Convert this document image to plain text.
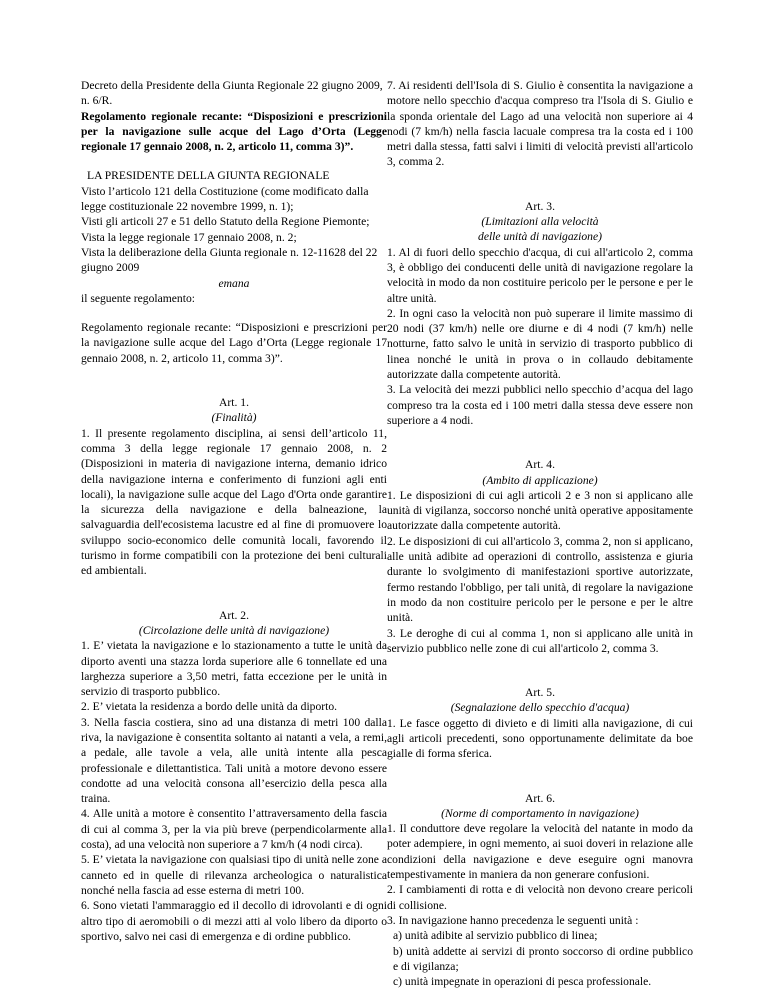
Decreto della Presidente della Giunta Regionale 22 giugno 2009, n. 6/R.

Regolamento regionale recante: “Disposizioni e prescrizioni per la navigazione sulle acque del Lago d’Orta (Legge regionale 17 gennaio 2008, n. 2, articolo 11, comma 3)”.

LA PRESIDENTE DELLA GIUNTA REGIONALE

Visto l’articolo 121 della Costituzione (come modificato dalla legge costituzionale 22 novembre 1999, n. 1);

Visti gli articoli 27 e 51 dello Statuto della Regione Piemonte;

Vista la legge regionale 17 gennaio 2008, n. 2;

Vista la deliberazione della Giunta regionale n. 12-11628 del 22 giugno 2009

emana

il seguente regolamento:

Regolamento regionale recante: “Disposizioni e prescrizioni per la navigazione sulle acque del Lago d’Orta (Legge regionale 17 gennaio 2008, n. 2, articolo 11, comma 3)”.

Art. 1.

(Finalità)

1. Il presente regolamento disciplina, ai sensi dell’articolo 11, comma 3 della legge regionale 17 gennaio 2008, n. 2 (Disposizioni in materia di navigazione interna, demanio idrico della navigazione interna e conferimento di funzioni agli enti locali), la navigazione sulle acque del Lago d'Orta onde garantire la sicurezza della navigazione e della balneazione, la salvaguardia dell'ecosistema lacustre ed al fine di promuovere lo sviluppo socio-economico delle comunità locali, favorendo il turismo in forme compatibili con la protezione dei beni culturali ed ambientali.

Art. 2.

(Circolazione delle unità di navigazione)

1. E’ vietata la navigazione e lo stazionamento a tutte le unità da diporto aventi una stazza lorda superiore alle 6 tonnellate ed una larghezza superiore a 3,50 metri, fatta eccezione per le unità in servizio di trasporto pubblico.

2. E’ vietata la residenza a bordo delle unità da diporto.

3. Nella fascia costiera, sino ad una distanza di metri 100 dalla riva, la navigazione è consentita soltanto ai natanti a vela, a remi, a pedale, alle tavole a vela, alle unità intente alla pesca professionale e dilettantistica. Tali unità a motore devono essere condotte ad una velocità consona all’esercizio della pesca alla traina.

4. Alle unità a motore è consentito l’attraversamento della fascia di cui al comma 3, per la via più breve (perpendicolarmente alla costa), ad una velocità non superiore a 7 km/h (4 nodi circa).

5. E’ vietata la navigazione con qualsiasi tipo di unità nelle zone a canneto ed in quelle di rilevanza archeologica o naturalistica nonché nella fascia ad esse esterna di metri 100.

6. Sono vietati l'ammaraggio ed il decollo di idrovolanti e di ogni altro tipo di aeromobili o di mezzi atti al volo libero da diporto o sportivo, salvo nei casi di emergenza e di ordine pubblico.

7. Ai residenti dell'Isola di S. Giulio è consentita la navigazione a motore nello specchio d'acqua compreso tra l'Isola di S. Giulio e la sponda orientale del Lago ad una velocità non superiore ai 4 nodi (7 km/h) nella fascia lacuale compresa tra la costa ed i 100 metri dalla stessa, fatti salvi i limiti di velocità previsti all'articolo 3, comma 2.

Art. 3.

(Limitazioni alla velocità

delle unità di navigazione)

1. Al di fuori dello specchio d'acqua, di cui all'articolo 2, comma 3, è obbligo dei conducenti delle unità di navigazione regolare la velocità in modo da non costituire pericolo per le persone e per le altre unità.

2. In ogni caso la velocità non può superare il limite massimo di 20 nodi (37 km/h) nelle ore diurne e di 4 nodi (7 km/h) nelle notturne, fatto salvo le unità in servizio di trasporto pubblico di linea nonché le unità in prova o in collaudo debitamente autorizzate dalla competente autorità.

3. La velocità dei mezzi pubblici nello specchio d’acqua del lago compreso tra la costa ed i 100 metri dalla stessa deve essere non superiore a 4 nodi.

Art. 4.

(Ambito di applicazione)

1. Le disposizioni di cui agli articoli 2 e 3 non si applicano alle unità di vigilanza, soccorso nonché unità operative appositamente autorizzate dalla competente autorità.

2. Le disposizioni di cui all'articolo 3, comma 2, non si applicano, alle unità adibite ad operazioni di controllo, assistenza e giuria durante lo svolgimento di manifestazioni sportive autorizzate, fermo restando l'obbligo, per tali unità, di regolare la navigazione in modo da non costituire pericolo per le persone e per le altre unità.

3. Le deroghe di cui al comma 1, non si applicano alle unità in servizio pubblico nelle zone di cui all'articolo 2, comma 3.

Art. 5.

(Segnalazione dello specchio d'acqua)

1. Le fasce oggetto di divieto e di limiti alla navigazione, di cui agli articoli precedenti, sono opportunamente delimitate da boe gialle di forma sferica.

Art. 6.

(Norme di comportamento in navigazione)

1. Il conduttore deve regolare la velocità del natante in modo da poter adempiere, in ogni memento, ai suoi doveri in relazione alle condizioni della navigazione e deve eseguire ogni manovra tempestivamente in maniera da non generare confusioni.

2. I cambiamenti di rotta e di velocità non devono creare pericoli di collisione.

3. In navigazione hanno precedenza le seguenti unità :

a) unità adibite al servizio pubblico di linea;

b) unità addette ai servizi di pronto soccorso di ordine pubblico e di vigilanza;

c) unità impegnate in operazioni di pesca professionale.
